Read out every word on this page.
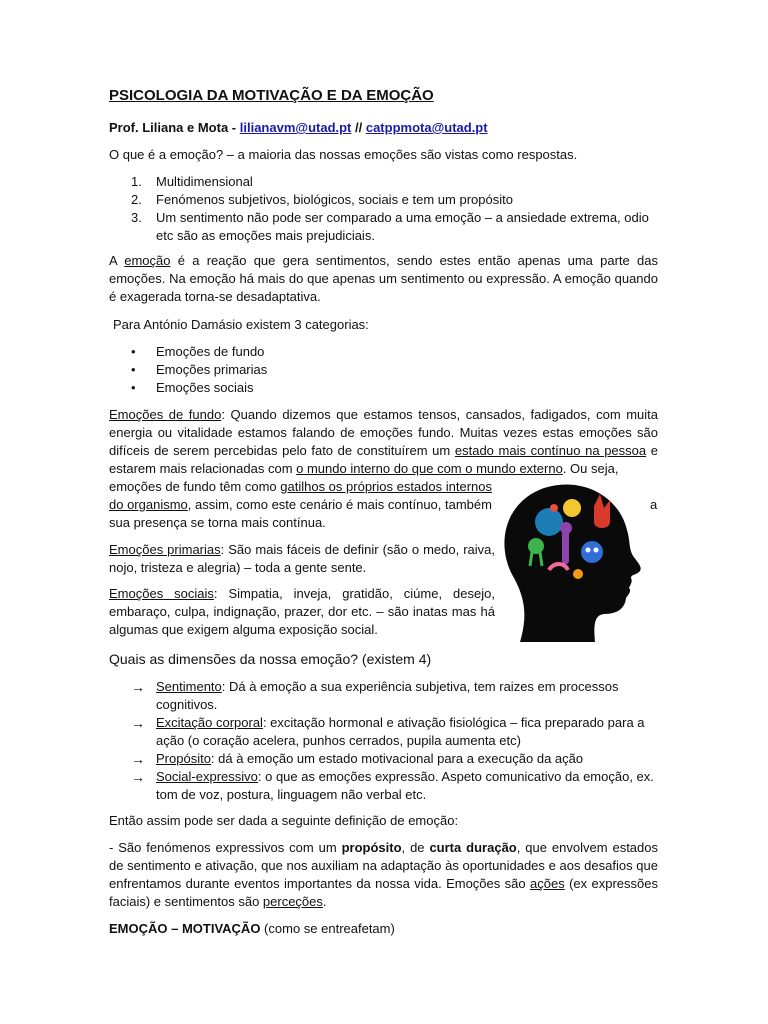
PSICOLOGIA DA MOTIVAÇÃO E DA EMOÇÃO

Prof. Liliana e Mota - lilianavm@utad.pt // catppmota@utad.pt

O que é a emoção? – a maioria das nossas emoções são vistas como respostas.

1. Multidimensional
2. Fenómenos subjetivos, biológicos, sociais e tem um propósito
3. Um sentimento não pode ser comparado a uma emoção – a ansiedade extrema, odio etc são as emoções mais prejudiciais.

A emoção é a reação que gera sentimentos, sendo estes então apenas uma parte das emoções. Na emoção há mais do que apenas um sentimento ou expressão. A emoção quando é exagerada torna-se desadaptativa.

Para António Damásio existem 3 categorias:

• Emoções de fundo
• Emoções primarias
• Emoções sociais

Emoções de fundo: Quando dizemos que estamos tensos, cansados, fadigados, com muita energia ou vitalidade estamos falando de emoções fundo. Muitas vezes estas emoções são difíceis de serem percebidas pelo fato de constituírem um estado mais contínuo na pessoa e estarem mais relacionadas com o mundo interno do que com o mundo externo. Ou seja,

emoções de fundo têm como gatilhos os próprios estados internos

do organismo, assim, como este cenário é mais contínuo, também	a

sua presença se torna mais contínua.

Emoções primarias: São mais fáceis de definir (são o medo, raiva, nojo, tristeza e alegria) – toda a gente sente.

Emoções sociais: Simpatia, inveja, gratidão, ciúme, desejo, embaraço, culpa, indignação, prazer, dor etc. – são inatas mas há algumas que exigem alguma exposição social.

Quais as dimensões da nossa emoção? (existem 4)

→ Sentimento: Dá à emoção a sua experiência subjetiva, tem raizes em processos cognitivos.
→ Excitação corporal: excitação hormonal e ativação fisiológica – fica preparado para a ação (o coração acelera, punhos cerrados, pupila aumenta etc)
→ Propósito: dá à emoção um estado motivacional para a execução da ação
→ Social-expressivo: o que as emoções expressão. Aspeto comunicativo da emoção, ex. tom de voz, postura, linguagem não verbal etc.

Então assim pode ser dada a seguinte definição de emoção:

- São fenómenos expressivos com um propósito, de curta duração, que envolvem estados de sentimento e ativação, que nos auxiliam na adaptação às oportunidades e aos desafios que enfrentamos durante eventos importantes da nossa vida. Emoções são ações (ex expressões faciais) e sentimentos são perceções.

EMOÇÃO – MOTIVAÇÃO (como se entreafetam)
